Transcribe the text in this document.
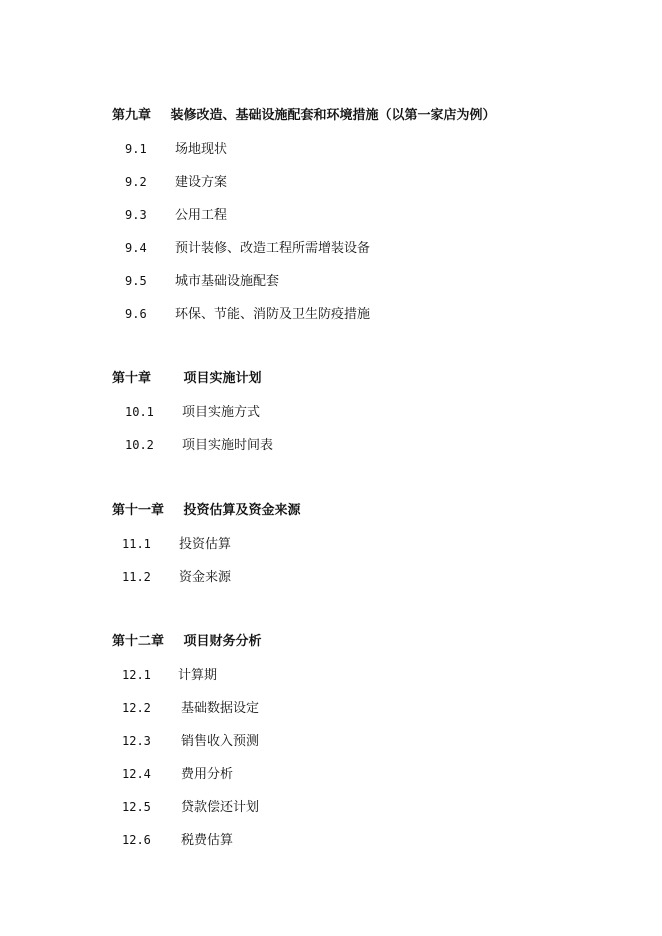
第九章 装修改造、基础设施配套和环境措施（以第一家店为例）
9.1 场地现状
9.2 建设方案
9.3 公用工程
9.4 预计装修、改造工程所需增装设备
9.5 城市基础设施配套
9.6 环保、节能、消防及卫生防疫措施
第十章	项目实施计划
10.1 项目实施方式
10.2 项目实施时间表
第十一章 投资估算及资金来源
11.1 投资估算
11.2 资金来源
第十二章 项目财务分析
12.1 计算期
12.2 基础数据设定
12.3 销售收入预测
12.4 费用分析
12.5 贷款偿还计划
12.6 税费估算
